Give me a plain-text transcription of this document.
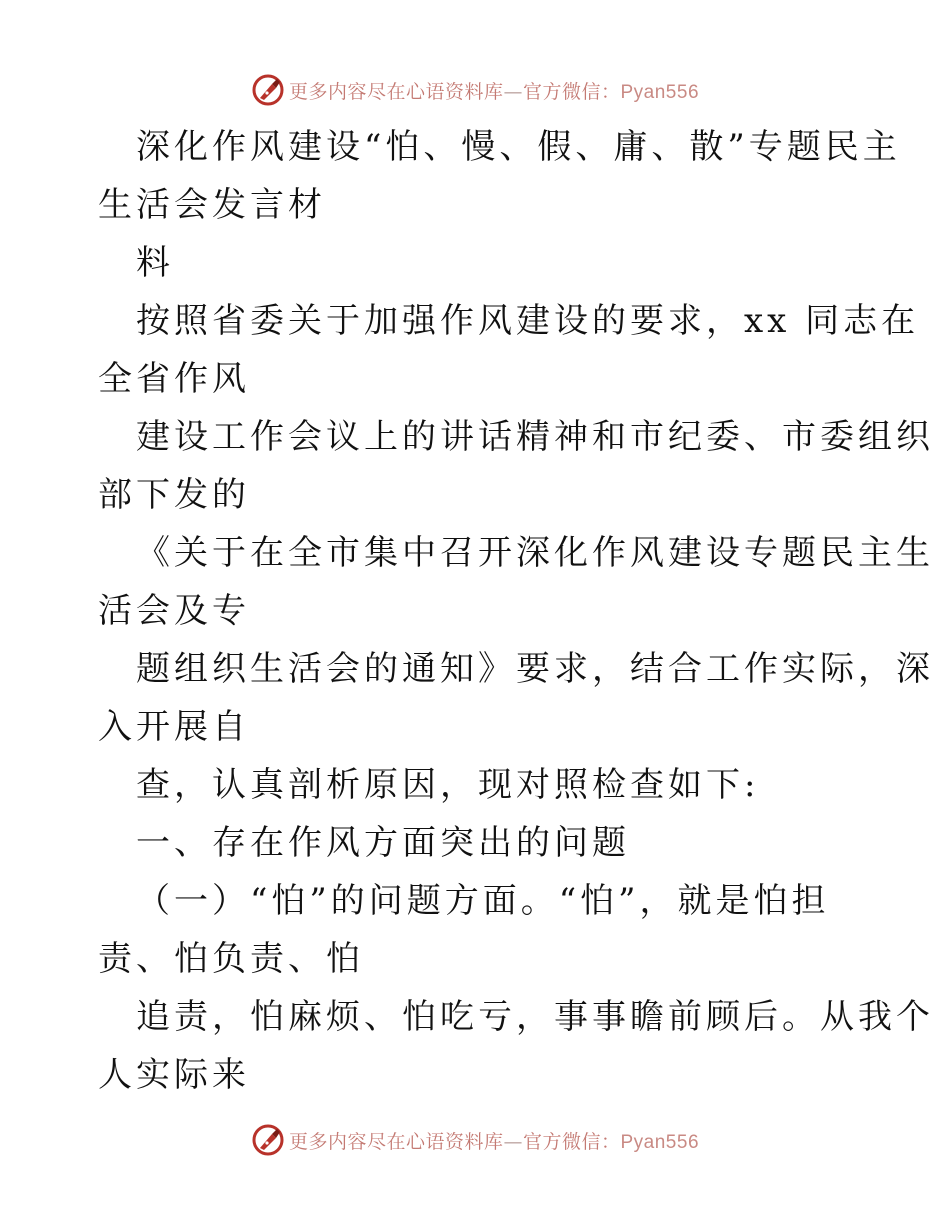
更多内容尽在心语资料库—官方微信：Pyan556
深化作风建设“怕、慢、假、庸、散”专题民主
生活会发言材
料
按照省委关于加强作风建设的要求，xx 同志在
全省作风
建设工作会议上的讲话精神和市纪委、市委组织
部下发的
《关于在全市集中召开深化作风建设专题民主生
活会及专
题组织生活会的通知》要求，结合工作实际，深
入开展自
查，认真剖析原因，现对照检查如下:
一、存在作风方面突出的问题
（一）“怕”的问题方面。“怕”，就是怕担
责、怕负责、怕
追责，怕麻烦、怕吃亏，事事瞻前顾后。从我个
人实际来
更多内容尽在心语资料库—官方微信：Pyan556
